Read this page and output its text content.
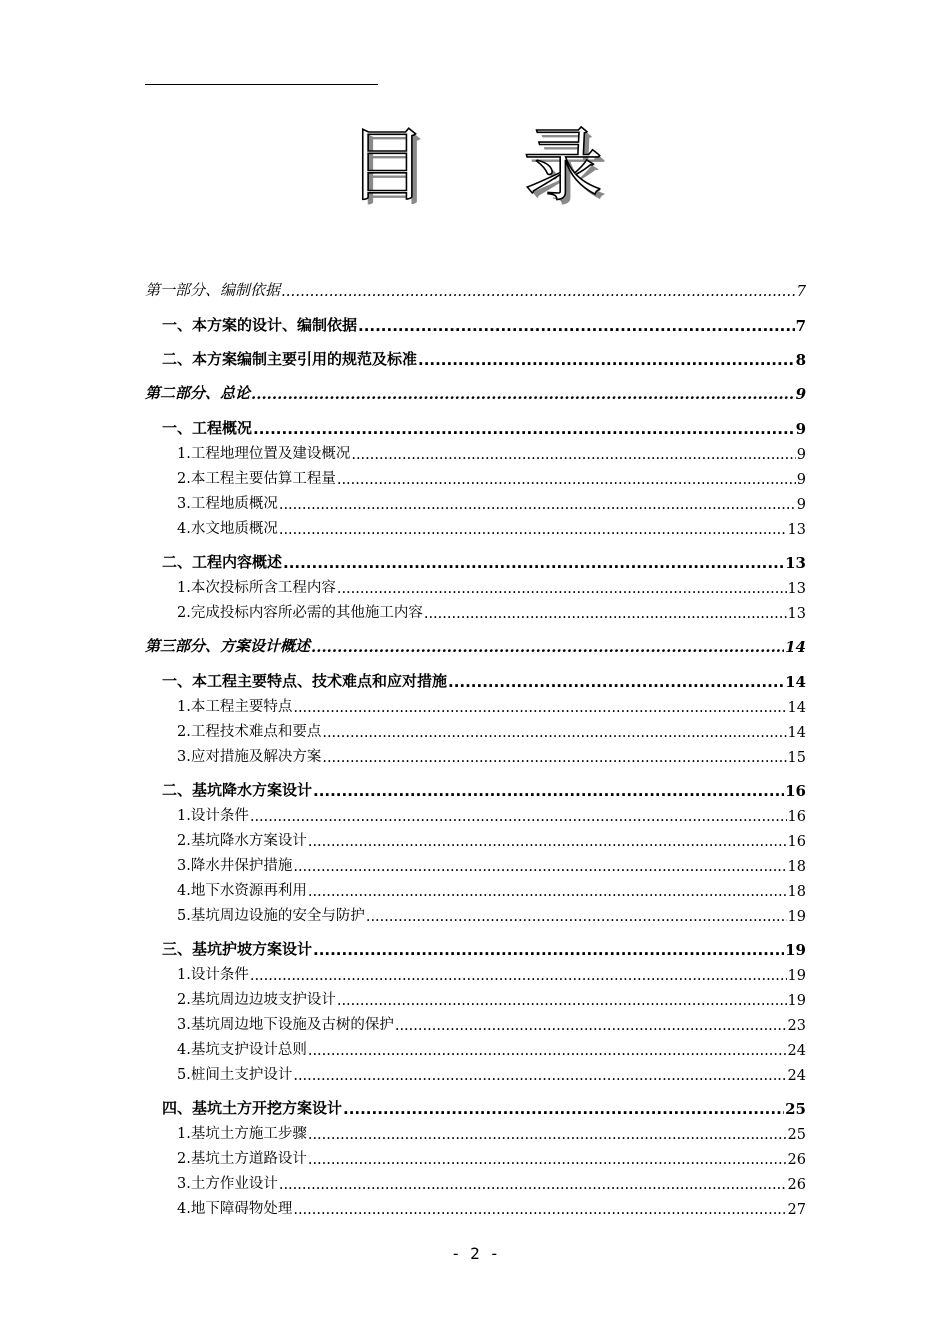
目 录
第一部分、编制依据 .....	7
一、本方案的设计、编制依据 .....	7
二、本方案编制主要引用的规范及标准 .....	8
第二部分、总论 .....	9
一、工程概况 .....	9
1.工程地理位置及建设概况 .....	9
2.本工程主要估算工程量 .....	9
3.工程地质概况 .....	9
4.水文地质概况 .....	13
二、工程内容概述 .....	13
1.本次投标所含工程内容 .....	13
2.完成投标内容所必需的其他施工内容 .....	13
第三部分、方案设计概述 .....	14
一、本工程主要特点、技术难点和应对措施 .....	14
1.本工程主要特点 .....	14
2.工程技术难点和要点 .....	14
3.应对措施及解决方案 .....	15
二、基坑降水方案设计 .....	16
1.设计条件 .....	16
2.基坑降水方案设计 .....	16
3.降水井保护措施 .....	18
4.地下水资源再利用 .....	18
5.基坑周边设施的安全与防护 .....	19
三、基坑护坡方案设计 .....	19
1.设计条件 .....	19
2.基坑周边边坡支护设计 .....	19
3.基坑周边地下设施及古树的保护 .....	23
4.基坑支护设计总则 .....	24
5.桩间土支护设计 .....	24
四、基坑土方开挖方案设计 .....	25
1.基坑土方施工步骤 .....	25
2.基坑土方道路设计 .....	26
3.土方作业设计 .....	26
4.地下障碍物处理 .....	27
- 2 -
